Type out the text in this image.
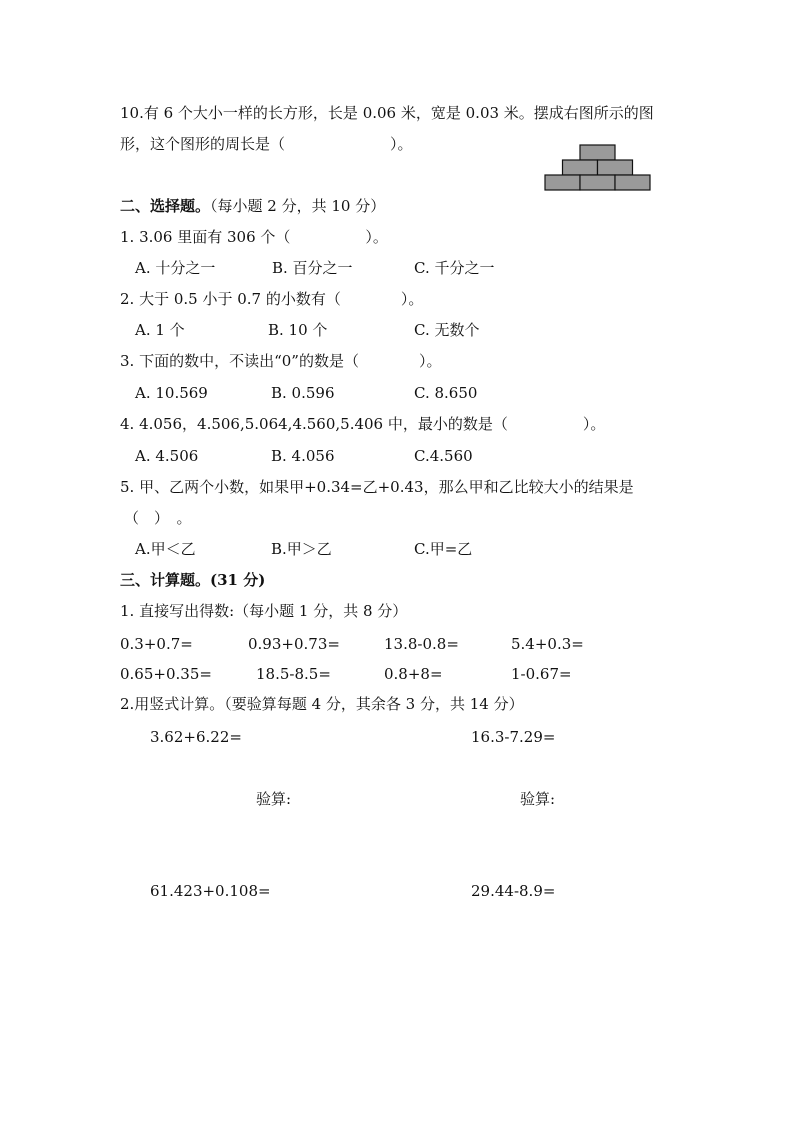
10.有 6 个大小一样的长方形，长是 0.06 米，宽是 0.03 米。摆成右图所示的图
形，这个图形的周长是（　　　　　　　）。
二、选择题。（每小题 2 分，共 10 分）
1. 3.06 里面有 306 个（　　　　　）。
A. 十分之一	B. 百分之一	C. 千分之一
2. 大于 0.5 小于 0.7 的小数有（　　　　）。
A. 1 个	B. 10 个	C. 无数个
3. 下面的数中，不读出“0”的数是（　　　　）。
A. 10.569	B. 0.596	C. 8.650
4. 4.056，4.506,5.064,4.560,5.406 中，最小的数是（　　　　　）。
A. 4.506	B. 4.056	C.4.560
5. 甲、乙两个小数，如果甲+0.34=乙+0.43，那么甲和乙比较大小的结果是
（　）　。
A.甲＜乙	B.甲＞乙	C.甲=乙
三、计算题。(31 分)
1. 直接写出得数:（每小题 1 分，共 8 分）
0.3+0.7=	0.93+0.73=	13.8-0.8=	5.4+0.3=
0.65+0.35=	18.5-8.5=	0.8+8=	1-0.67=
2.用竖式计算。（要验算每题 4 分，其余各 3 分，共 14 分）
3.62+6.22=	16.3-7.29=
验算:	验算:
61.423+0.108=	29.44-8.9=
